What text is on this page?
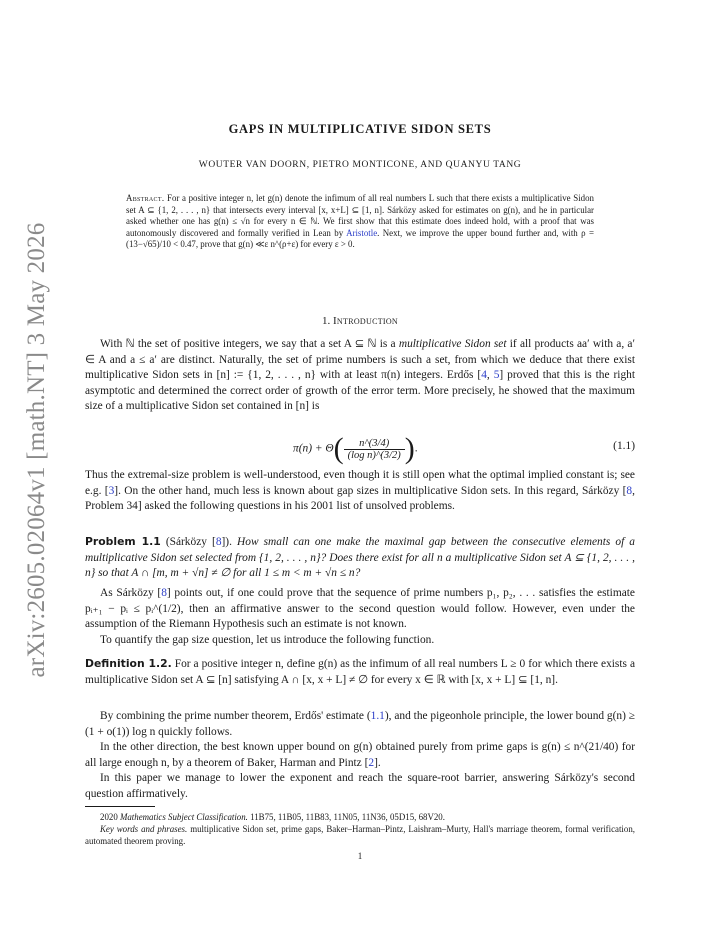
arXiv:2605.02064v1 [math.NT] 3 May 2026
GAPS IN MULTIPLICATIVE SIDON SETS
WOUTER VAN DOORN, PIETRO MONTICONE, AND QUANYU TANG
Abstract. For a positive integer n, let g(n) denote the infimum of all real numbers L such that there exists a multiplicative Sidon set A ⊆ {1, 2, . . . , n} that intersects every interval [x, x+L] ⊆ [1, n]. Sárközy asked for estimates on g(n), and he in particular asked whether one has g(n) ≤ √n for every n ∈ ℕ. We first show that this estimate does indeed hold, with a proof that was autonomously discovered and formally verified in Lean by Aristotle. Next, we improve the upper bound further and, with ρ = (13−√65)/10 < 0.47, prove that g(n) ≪ε n^(ρ+ε) for every ε > 0.
1. Introduction

With ℕ the set of positive integers, we say that a set A ⊆ ℕ is a multiplicative Sidon set if all products aa′ with a, a′ ∈ A and a ≤ a′ are distinct. Naturally, the set of prime numbers is such a set, from which we deduce that there exist multiplicative Sidon sets in [n] := {1, 2, . . . , n} with at least π(n) integers. Erdős [4, 5] proved that this is the right asymptotic and determined the correct order of growth of the error term. More precisely, he showed that the maximum size of a multiplicative Sidon set contained in [n] is

$\pi(n) + \Theta( \frac{n\^{}(3/4)}{\text{(log n)\textasciicircum{}(3/2)}}$ ).	(1.1)

Thus the extremal-size problem is well-understood, even though it is still open what the optimal implied constant is; see e.g. [3]. On the other hand, much less is known about gap sizes in multiplicative Sidon sets. In this regard, Sárközy [8, Problem 34] asked the following questions in his 2001 list of unsolved problems.

Problem 1.1 (Sárközy [8]). How small can one make the maximal gap between the consecutive elements of a multiplicative Sidon set selected from {1, 2, . . . , n}? Does there exist for all n a multiplicative Sidon set A ⊆ {1, 2, . . . , n} so that A ∩ [m, m + √n] ≠ ∅ for all 1 ≤ m < m + √n ≤ n?

As Sárközy [8] points out, if one could prove that the sequence of prime numbers p₁, p₂, . . . satisfies the estimate pᵢ₊₁ − pᵢ ≤ pᵢ^(1/2), then an affirmative answer to the second question would follow. However, even under the assumption of the Riemann Hypothesis such an estimate is not known.

To quantify the gap size question, let us introduce the following function.

Definition 1.2. For a positive integer n, define g(n) as the infimum of all real numbers L ≥ 0 for which there exists a multiplicative Sidon set A ⊆ [n] satisfying A ∩ [x, x + L] ≠ ∅ for every x ∈ ℝ with [x, x + L] ⊆ [1, n].

By combining the prime number theorem, Erdős' estimate (1.1), and the pigeonhole principle, the lower bound g(n) ≥ (1 + o(1)) log n quickly follows.

In the other direction, the best known upper bound on g(n) obtained purely from prime gaps is g(n) ≤ n^(21/40) for all large enough n, by a theorem of Baker, Harman and Pintz [2].

In this paper we manage to lower the exponent and reach the square-root barrier, answering Sárközy's second question affirmatively.

2020 Mathematics Subject Classification. 11B75, 11B05, 11B83, 11N05, 11N36, 05D15, 68V20.

Key words and phrases. multiplicative Sidon set, prime gaps, Baker–Harman–Pintz, Laishram–Murty, Hall's marriage theorem, formal verification, automated theorem proving.

1
